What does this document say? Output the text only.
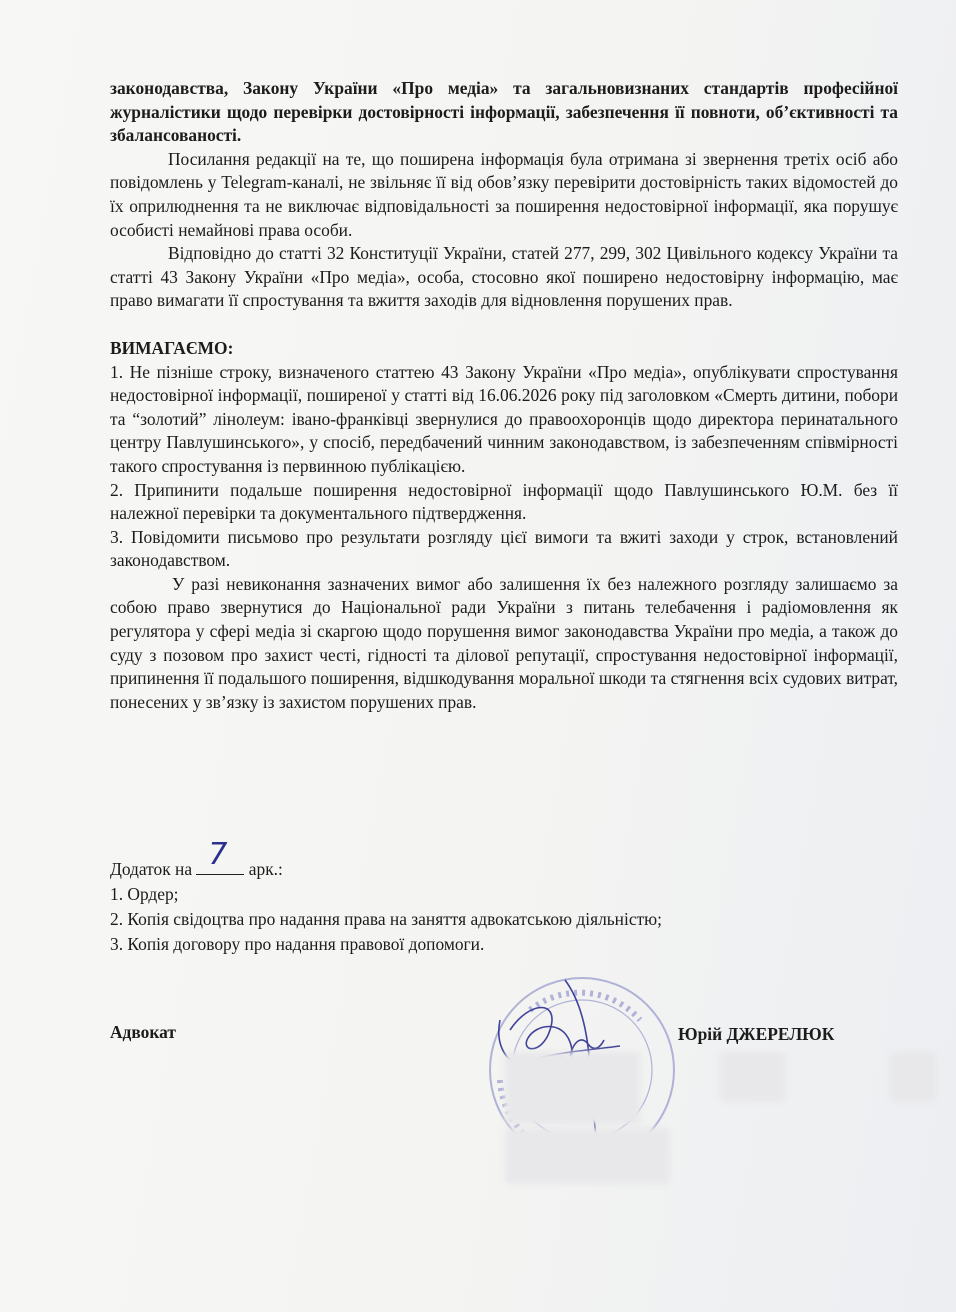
законодавства, Закону України «Про медіа» та загальновизнаних стандартів професійної журналістики щодо перевірки достовірності інформації, забезпечення її повноти, об’єктивності та збалансованості.

Посилання редакції на те, що поширена інформація була отримана зі звернення третіх осіб або повідомлень у Telegram-каналі, не звільняє її від обов’язку перевірити достовірність таких відомостей до їх оприлюднення та не виключає відповідальності за поширення недостовірної інформації, яка порушує особисті немайнові права особи.

Відповідно до статті 32 Конституції України, статей 277, 299, 302 Цивільного кодексу України та статті 43 Закону України «Про медіа», особа, стосовно якої поширено недостовірну інформацію, має право вимагати її спростування та вжиття заходів для відновлення порушених прав.

ВИМАГАЄМО:

1. Не пізніше строку, визначеного статтею 43 Закону України «Про медіа», опублікувати спростування недостовірної інформації, поширеної у статті від 16.06.2026 року під заголовком «Смерть дитини, побори та “золотий” лінолеум: івано-франківці звернулися до правоохоронців щодо директора перинатального центру Павлушинського», у спосіб, передбачений чинним законодавством, із забезпеченням співмірності такого спростування із первинною публікацією.

2. Припинити подальше поширення недостовірної інформації щодо Павлушинського Ю.М. без її належної перевірки та документального підтвердження.

3. Повідомити письмово про результати розгляду цієї вимоги та вжиті заходи у строк, встановлений законодавством.

У разі невиконання зазначених вимог або залишення їх без належного розгляду залишаємо за собою право звернутися до Національної ради України з питань телебачення і радіомовлення як регулятора у сфері медіа зі скаргою щодо порушення вимог законодавства України про медіа, а також до суду з позовом про захист честі, гідності та ділової репутації, спростування недостовірної інформації, припинення її подальшого поширення, відшкодування моральної шкоди та стягнення всіх судових витрат, понесених у зв’язку із захистом порушених прав.

Додаток на 7 арк.:

1. Ордер;

2. Копія свідоцтва про надання права на заняття адвокатською діяльністю;

3. Копія договору про надання правової допомоги.

Адвокат	Юрій ДЖЕРЕЛЮК
